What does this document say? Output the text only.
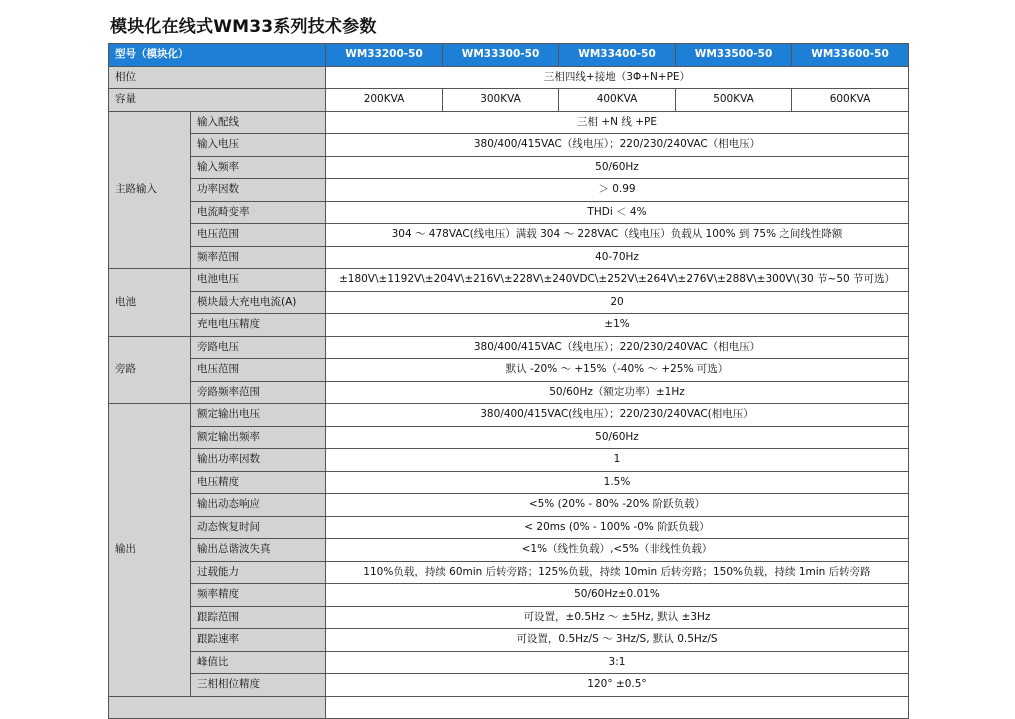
模块化在线式WM33系列技术参数
型号（模块化）		WM33200-50	WM33300-50	WM33400-50	WM33500-50	WM33600-50
相位		三相四线+接地（3Φ+N+PE）				
容量		200KVA	300KVA	400KVA	500KVA	600KVA
主路输入	输入配线	三相 +N 线 +PE				
	输入电压	380/400/415VAC（线电压）；220/230/240VAC（相电压）				
	输入频率	50/60Hz				
	功率因数	＞ 0.99				
	电流畸变率	THDi ＜ 4%				
	电压范围	304 ～ 478VAC(线电压）满载 304 ～ 228VAC（线电压）负载从 100% 到 75% 之间线性降额				
	频率范围	40-70Hz				
电池	电池电压	±180V\±1192V\±204V\±216V\±228V\±240VDC\±252V\±264V\±276V\±288V\±300V\(30 节~50 节可选）				
	模块最大充电电流(A)	20				
	充电电压精度	±1%				
旁路	旁路电压	380/400/415VAC（线电压）；220/230/240VAC（相电压）				
	电压范围	默认 -20% ～ +15%（-40% ～ +25% 可选）				
	旁路频率范围	50/60Hz（额定功率）±1Hz				
输出	额定输出电压	380/400/415VAC(线电压）；220/230/240VAC(相电压）				
	额定输出频率	50/60Hz				
	输出功率因数	1				
	电压精度	1.5%				
	输出动态响应	<5% (20% - 80% -20% 阶跃负载）				
	动态恢复时间	< 20ms (0% - 100% -0% 阶跃负载）				
	输出总谐波失真	<1%（线性负载）,<5%（非线性负载）				
	过载能力	110%负载，持续 60min 后转旁路；125%负载，持续 10min 后转旁路；150%负载，持续 1min 后转旁路				
	频率精度	50/60Hz±0.01%				
	跟踪范围	可设置，±0.5Hz ～ ±5Hz, 默认 ±3Hz				
	跟踪速率	可设置，0.5Hz/S ～ 3Hz/S, 默认 0.5Hz/S				
	峰值比	3:1				
	三相相位精度	120° ±0.5°				
